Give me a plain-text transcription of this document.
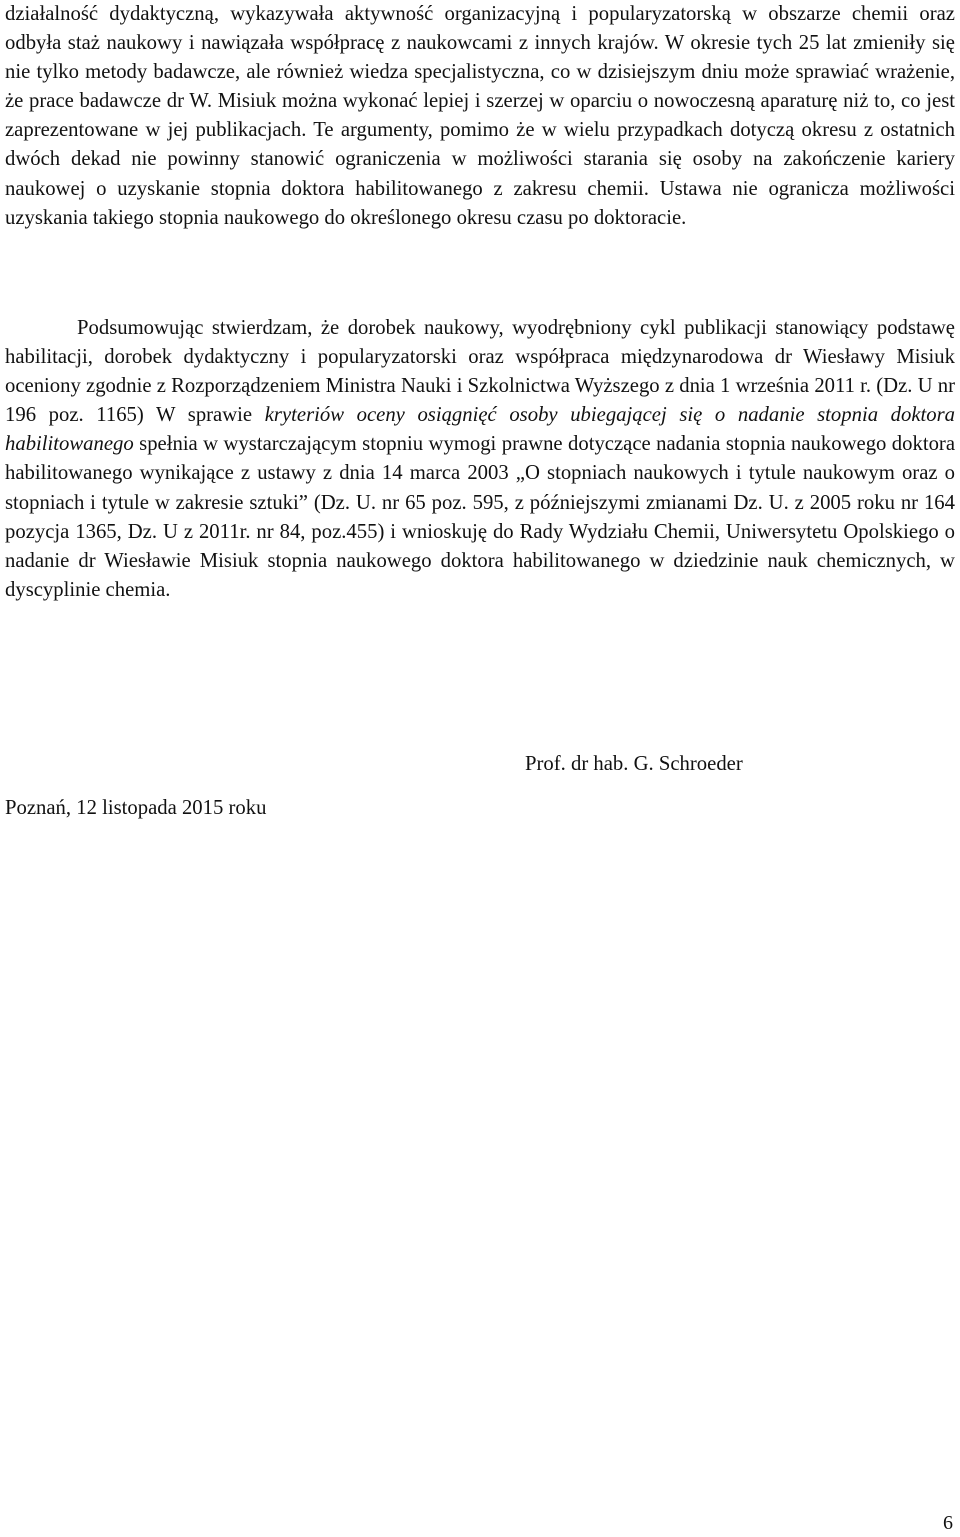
działalność dydaktyczną, wykazywała aktywność organizacyjną i popularyzatorską w obszarze chemii oraz odbyła staż naukowy i nawiązała współpracę z naukowcami z innych krajów. W okresie tych 25 lat zmieniły się nie tylko metody badawcze, ale również wiedza specjalistyczna, co w dzisiejszym dniu może sprawiać wrażenie, że prace badawcze dr W. Misiuk można wykonać lepiej i szerzej w oparciu o nowoczesną aparaturę niż to, co jest zaprezentowane w jej publikacjach. Te argumenty, pomimo że w wielu przypadkach dotyczą okresu z ostatnich dwóch dekad nie powinny stanowić ograniczenia w możliwości starania się osoby na zakończenie kariery naukowej o uzyskanie stopnia doktora habilitowanego z zakresu chemii. Ustawa nie ogranicza możliwości uzyskania takiego stopnia naukowego do określonego okresu czasu po doktoracie.

Podsumowując stwierdzam, że dorobek naukowy, wyodrębniony cykl publikacji stanowiący podstawę habilitacji, dorobek dydaktyczny i popularyzatorski oraz współpraca międzynarodowa dr Wiesławy Misiuk oceniony zgodnie z Rozporządzeniem Ministra Nauki i Szkolnictwa Wyższego z dnia 1 września 2011 r. (Dz. U nr 196 poz. 1165) W sprawie kryteriów oceny osiągnięć osoby ubiegającej się o nadanie stopnia doktora habilitowanego spełnia w wystarczającym stopniu wymogi prawne dotyczące nadania stopnia naukowego doktora habilitowanego wynikające z ustawy z dnia 14 marca 2003 „O stopniach naukowych i tytule naukowym oraz o stopniach i tytule w zakresie sztuki” (Dz. U. nr 65 poz. 595, z późniejszymi zmianami Dz. U. z 2005 roku nr 164 pozycja 1365, Dz. U z 2011r. nr 84, poz.455) i wnioskuję do Rady Wydziału Chemii, Uniwersytetu Opolskiego o nadanie dr Wiesławie Misiuk stopnia naukowego doktora habilitowanego w dziedzinie nauk chemicznych, w dyscyplinie chemia.

Prof. dr hab. G. Schroeder

Poznań, 12 listopada 2015 roku

6
